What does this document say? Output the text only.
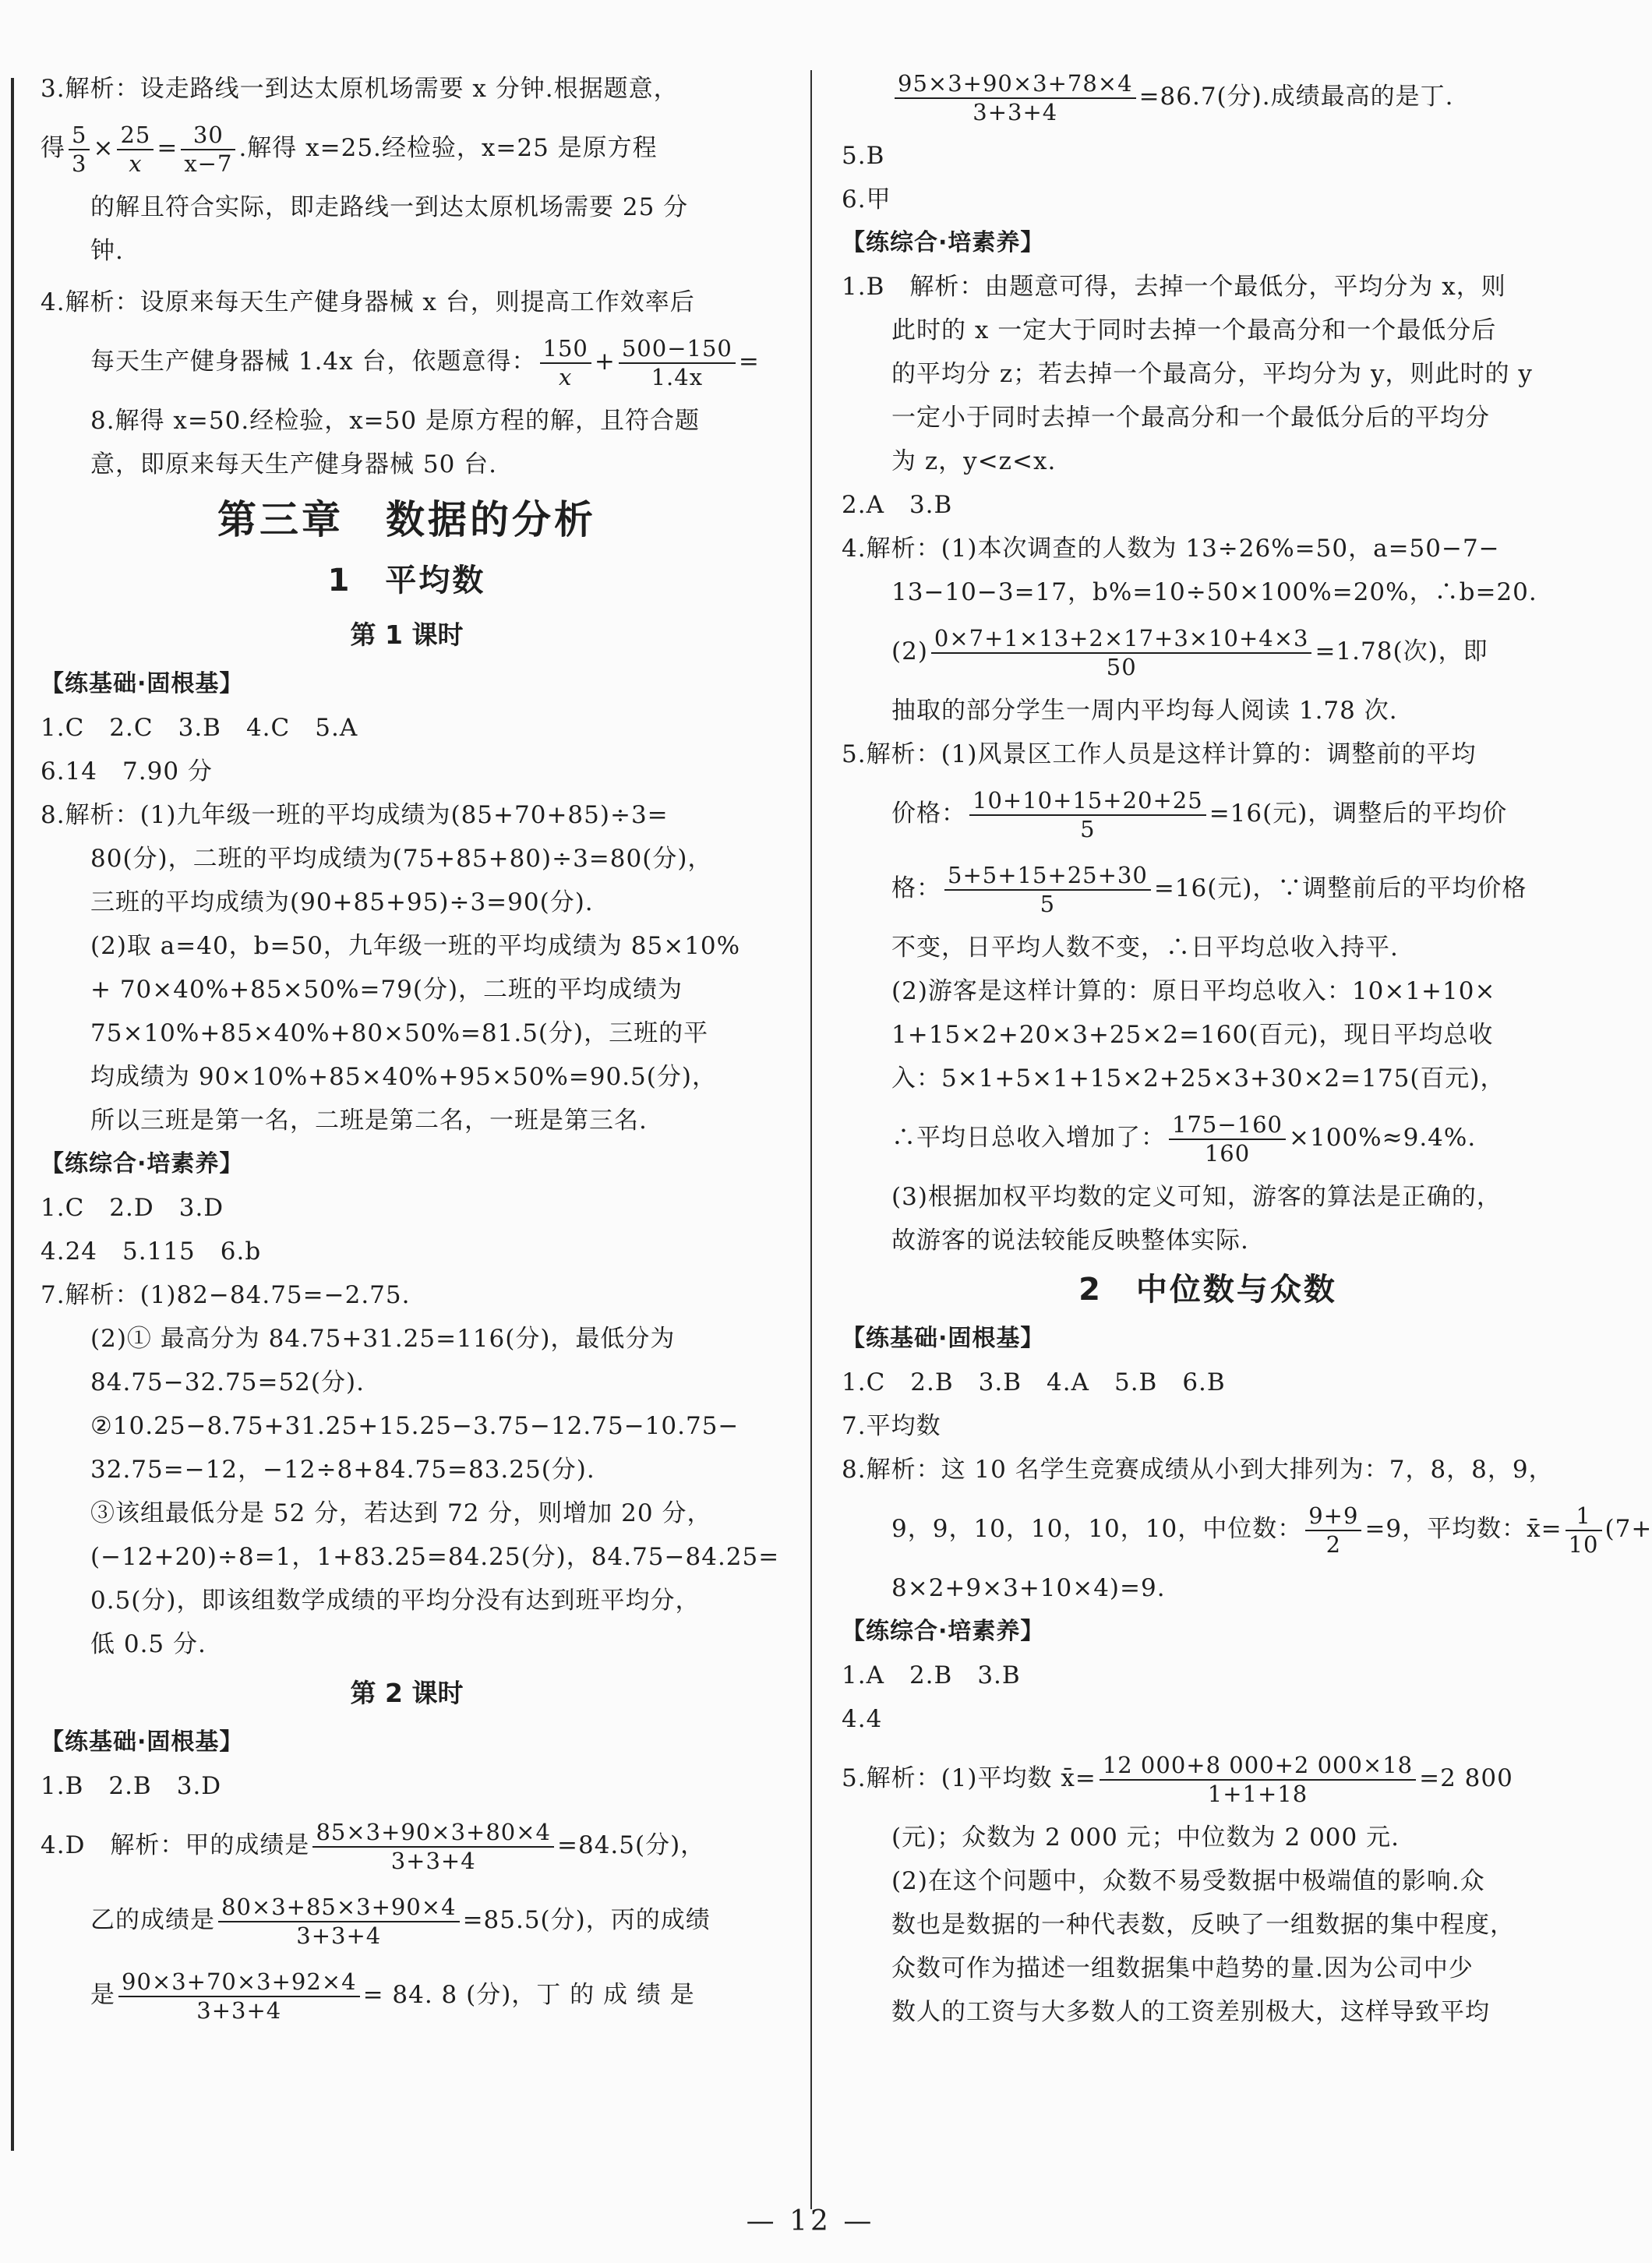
3.解析：设走路线一到达太原机场需要 x 分钟.根据题意，
得 $\frac{5}{3} \times \frac{25}{x} = \frac{30}{x-7}$ .解得 x=25.经检验，x=25 是原方程
的解且符合实际，即走路线一到达太原机场需要 25 分
钟.
4.解析：设原来每天生产健身器械 x 台，则提高工作效率后
每天生产健身器械 1.4x 台，依题意得： $\frac{150}{x} + \frac{500-150}{1.4x}$ =
8.解得 x=50.经检验，x=50 是原方程的解，且符合题
意，即原来每天生产健身器械 50 台.
第三章　数据的分析
1　平均数
第 1 课时
【练基础·固根基】
1.C　2.C　3.B　4.C　5.A
6.14　7.90 分
8.解析：(1)九年级一班的平均成绩为(85+70+85)÷3=
80(分)，二班的平均成绩为(75+85+80)÷3=80(分)，
三班的平均成绩为(90+85+95)÷3=90(分).
(2)取 a=40，b=50，九年级一班的平均成绩为 85×10%
+ 70×40%+85×50%=79(分)，二班的平均成绩为
75×10%+85×40%+80×50%=81.5(分)，三班的平
均成绩为 90×10%+85×40%+95×50%=90.5(分)，
所以三班是第一名，二班是第二名，一班是第三名.
【练综合·培素养】
1.C　2.D　3.D
4.24　5.115　6.b
7.解析：(1)82−84.75=−2.75.
(2)① 最高分为 84.75+31.25=116(分)，最低分为
84.75−32.75=52(分).
②10.25−8.75+31.25+15.25−3.75−12.75−10.75−
32.75=−12，−12÷8+84.75=83.25(分).
③该组最低分是 52 分，若达到 72 分，则增加 20 分，
(−12+20)÷8=1，1+83.25=84.25(分)，84.75−84.25=
0.5(分)，即该组数学成绩的平均分没有达到班平均分，
低 0.5 分.
第 2 课时
【练基础·固根基】
1.B　2.B　3.D
4.D　解析：甲的成绩是 $\frac{85\times 3+90\times 3+80\times 4}{3+3+4} =84.5$(分)，
乙的成绩是 $\frac{80\times 3+85\times 3+90\times 4}{3+3+4} =85.5$(分)，丙的成绩
是 $\frac{90\times 3+70\times 3+92\times 4}{3+3+4} = 84$. 8 (分)，丁 的 成 绩 是
$\frac{95\times 3+90\times 3+78\times 4}{3+3+4} =86.7$(分).成绩最高的是丁.
5.B
6.甲
【练综合·培素养】
1.B　解析：由题意可得，去掉一个最低分，平均分为 x，则
此时的 x 一定大于同时去掉一个最高分和一个最低分后
的平均分 z；若去掉一个最高分，平均分为 y，则此时的 y
一定小于同时去掉一个最高分和一个最低分后的平均分
为 z，y<z<x.
2.A　3.B
4.解析：(1)本次调查的人数为 13÷26%=50，a=50−7−
13−10−3=17，b%=10÷50×100%=20%，∴b=20.
$(2) \frac{0\times 7+1\times 13+2\times 17+3\times 10+4\times 3}{50} =1.78$(次)，即
抽取的部分学生一周内平均每人阅读 1.78 次.
5.解析：(1)风景区工作人员是这样计算的：调整前的平均
价格： $\frac{10+10+15+20+25}{5} =16$(元)，调整后的平均价
格： $\frac{5+5+15+25+30}{5} =16$(元)，∵调整前后的平均价格
不变，日平均人数不变，∴日平均总收入持平.
(2)游客是这样计算的：原日平均总收入：10×1+10×
1+15×2+20×3+25×2=160(百元)，现日平均总收
入：5×1+5×1+15×2+25×3+30×2=175(百元)，
∴平均日总收入增加了： $\frac{175-160}{160} \times 100\%\approx 9.4\%$.
(3)根据加权平均数的定义可知，游客的算法是正确的，
故游客的说法较能反映整体实际.
2　中位数与众数
【练基础·固根基】
1.C　2.B　3.B　4.A　5.B　6.B
7.平均数
8.解析：这 10 名学生竞赛成绩从小到大排列为：7，8，8，9，
9，9，10，10，10，10，中位数： $\frac{9+9}{2} =9$，平均数：x̄= $\frac{1}{10} (7+$
8×2+9×3+10×4)=9.
【练综合·培素养】
1.A　2.B　3.B
4.4
5.解析：(1)平均数 x̄= $\frac{12 000+8 000+2 000\times 18}{1+1+18} =2$ 800
(元)；众数为 2 000 元；中位数为 2 000 元.
(2)在这个问题中，众数不易受数据中极端值的影响.众
数也是数据的一种代表数，反映了一组数据的集中程度，
众数可作为描述一组数据集中趋势的量.因为公司中少
数人的工资与大多数人的工资差别极大，这样导致平均
— 12 —
